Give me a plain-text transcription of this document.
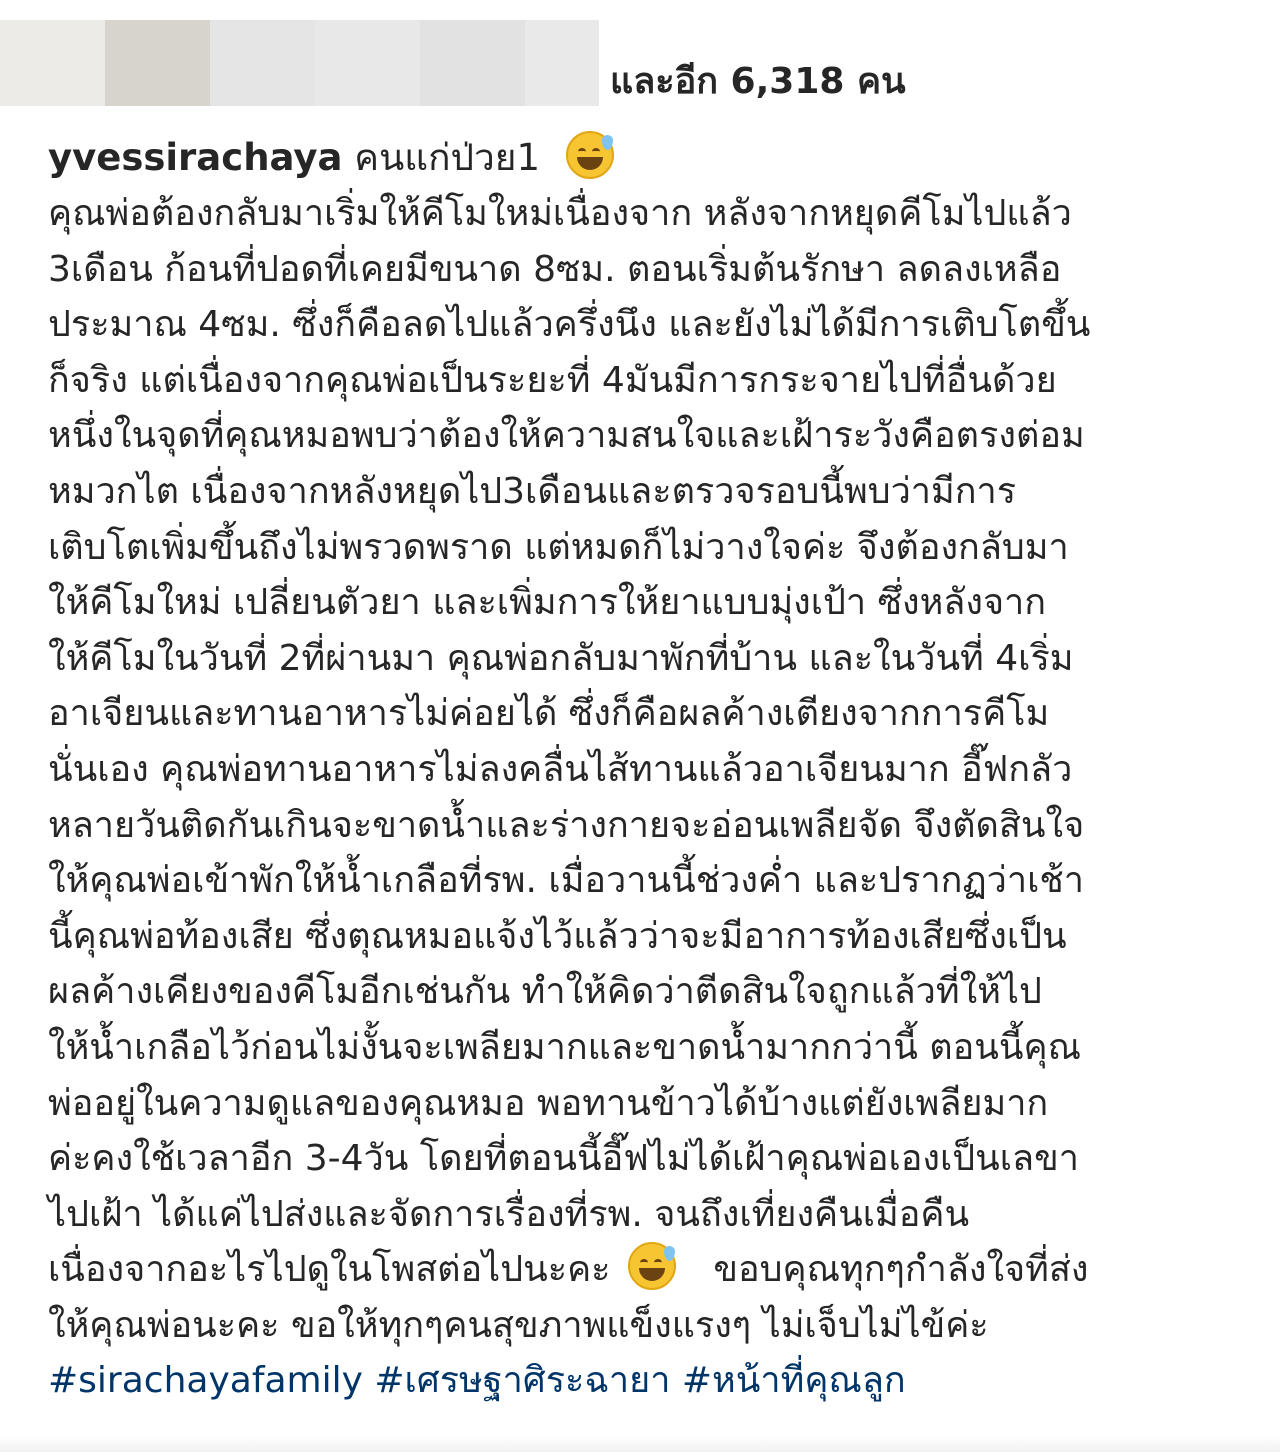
และอีก 6,318 คน
yvessirachaya คนแก่ป่วย1
คุณพ่อต้องกลับมาเริ่มให้คีโมใหม่เนื่องจาก หลังจากหยุดคีโมไปแล้ว
3เดือน ก้อนที่ปอดที่เคยมีขนาด 8ซม. ตอนเริ่มต้นรักษา ลดลงเหลือ
ประมาณ 4ซม. ซึ่งก็คือลดไปแล้วครึ่งนึง และยังไม่ได้มีการเติบโตขึ้น
ก็จริง แต่เนื่องจากคุณพ่อเป็นระยะที่ 4มันมีการกระจายไปที่อื่นด้วย
หนึ่งในจุดที่คุณหมอพบว่าต้องให้ความสนใจและเฝ้าระวังคือตรงต่อม
หมวกไต เนื่องจากหลังหยุดไป3เดือนและตรวจรอบนี้พบว่ามีการ
เติบโตเพิ่มขึ้นถึงไม่พรวดพราด แต่หมดก็ไม่วางใจค่ะ จึงต้องกลับมา
ให้คีโมใหม่ เปลี่ยนตัวยา และเพิ่มการให้ยาแบบมุ่งเป้า ซึ่งหลังจาก
ให้คีโมในวันที่ 2ที่ผ่านมา คุณพ่อกลับมาพักที่บ้าน และในวันที่ 4เริ่ม
อาเจียนและทานอาหารไม่ค่อยได้ ซึ่งก็คือผลค้างเตียงจากการคีโม
นั่นเอง คุณพ่อทานอาหารไม่ลงคลื่นไส้ทานแล้วอาเจียนมาก อี๊ฟกลัว
หลายวันติดกันเกินจะขาดน้ำและร่างกายจะอ่อนเพลียจัด จึงตัดสินใจ
ให้คุณพ่อเข้าพักให้น้ำเกลือที่รพ. เมื่อวานนี้ช่วงค่ำ และปรากฏว่าเช้า
นี้คุณพ่อท้องเสีย ซึ่งตุณหมอแจ้งไว้แล้วว่าจะมีอาการท้องเสียซึ่งเป็น
ผลค้างเคียงของคีโมอีกเช่นกัน ทำให้คิดว่าตีดสินใจถูกแล้วที่ให้ไป
ให้น้ำเกลือไว้ก่อนไม่งั้นจะเพลียมากและขาดน้ำมากกว่านี้ ตอนนี้คุณ
พ่ออยู่ในความดูแลของคุณหมอ พอทานข้าวได้บ้างแต่ยังเพลียมาก
ค่ะคงใช้เวลาอีก 3-4วัน โดยที่ตอนนี้อี๊ฟไม่ได้เฝ้าคุณพ่อเองเป็นเลขา
ไปเฝ้า ได้แค่ไปส่งและจัดการเรื่องที่รพ. จนถึงเที่ยงคืนเมื่อคืน
เนื่องจากอะไรไปดูในโพสต่อไปนะคะ	ขอบคุณทุกๆกำลังใจที่ส่ง
ให้คุณพ่อนะคะ ขอให้ทุกๆคนสุขภาพแข็งแรงๆ ไม่เจ็บไม่ไข้ค่ะ
#sirachayafamily #เศรษฐาศิระฉายา #หน้าที่คุณลูก
